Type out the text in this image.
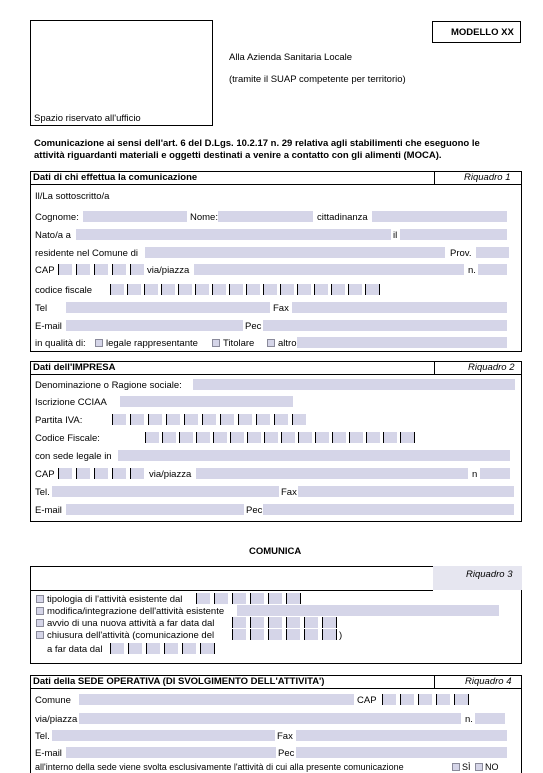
Spazio riservato all'ufficio
Alla Azienda Sanitaria Locale
(tramite il SUAP competente per territorio)
MODELLO XX
Comunicazione ai sensi dell'art. 6 del D.Lgs. 10.2.17 n. 29 relativa agli stabilimenti che eseguono le
attività riguardanti materiali e oggetti destinati a venire a contatto con gli alimenti (MOCA).
Dati di chi effettua la comunicazione	Riquadro 1
Il/La sottoscritto/a
Cognome:	Nome:	cittadinanza
Nato/a a	il
residente nel Comune di	Prov.
CAP	via/piazza	n.
codice fiscale
Tel	Fax
E-mail	Pec
in qualità di: legale rappresentante	Titolare altro
Dati dell'IMPRESA	Riquadro 2
Denominazione o Ragione sociale:
Iscrizione CCIAA
Partita IVA:
Codice Fiscale:
con sede legale in
CAP	via/piazza	n
Tel.	Fax
E-mail	Pec
COMUNICA
Riquadro 3
tipologia di l'attività esistente dal
modifica/integrazione dell'attività esistente
avvio di una nuova attività a far data dal
chiusura dell'attività (comunicazione del	)
a far data dal
Dati della SEDE OPERATIVA (DI SVOLGIMENTO DELL'ATTIVITA')	Riquadro 4
Comune	CAP
via/piazza	n.
Tel.	Fax
E-mail	Pec
all'interno della sede viene svolta esclusivamente l'attività di cui alla presente comunicazione	SÌ NO
